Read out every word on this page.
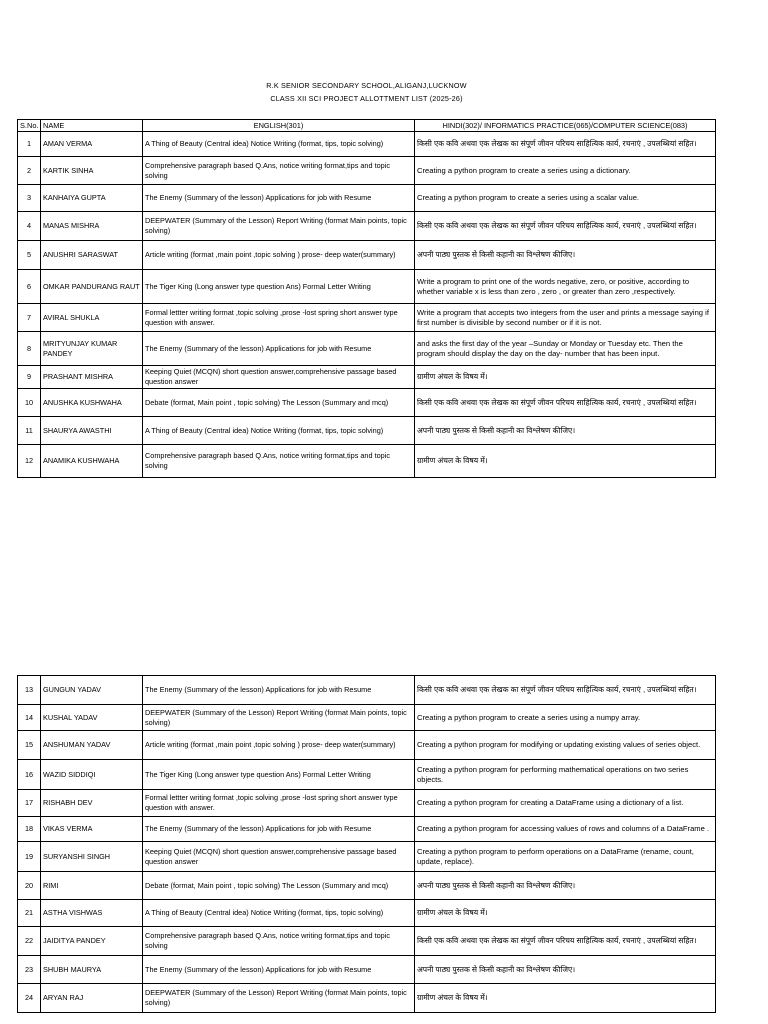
R.K SENIOR SECONDARY SCHOOL,ALIGANJ,LUCKNOW
CLASS XII SCI PROJECT ALLOTTMENT LIST (2025-26)
S.No.	NAME	ENGLISH(301)	HINDI(302)/ INFORMATICS PRACTICE(065)/COMPUTER SCIENCE(083)
1	AMAN VERMA	A Thing of Beauty (Central idea) Notice Writing (format, tips, topic solving)	किसी एक कवि अथवा एक लेखक का संपूर्ण जीवन परिचय साहित्यिक कार्य, रचनाएं , उपलब्धियां सहित।
2	KARTIK SINHA	Comprehensive paragraph based Q.Ans, notice writing format,tips and topic solving	Creating a python program to create a series using a dictionary.
3	KANHAIYA GUPTA	The Enemy (Summary of the lesson) Applications for job with Resume	Creating a python program to create a series using a scalar value.
4	MANAS MISHRA	DEEPWATER (Summary of the Lesson) Report Writing (format Main points, topic solving)	किसी एक कवि अथवा एक लेखक का संपूर्ण जीवन परिचय साहित्यिक कार्य, रचनाएं , उपलब्धियां सहित।
5	ANUSHRI SARASWAT	Article writing (format ,main point ,topic solving ) prose- deep water(summary)	अपनी पाठ्य पुस्तक से किसी कहानी का विश्लेषण कीजिए।
6	OMKAR PANDURANG RAUT	The Tiger King (Long answer type question Ans) Formal Letter Writing	Write a program to print one of the words negative, zero, or positive, according to whether variable x is less than zero , zero , or greater than zero ,respectively.
7	AVIRAL SHUKLA	Formal lettter writing format ,topic solving ,prose -lost spring short answer type question with answer.	Write a program that accepts two integers from the user and prints a message saying if first number is divisible by second number or if it is not.
8	MRITYUNJAY KUMAR PANDEY	The Enemy (Summary of the lesson) Applications for job with Resume	and asks the first day of the year –Sunday or Monday or Tuesday etc. Then the program should display the day on the day- number that has been input.
9	PRASHANT MISHRA	Keeping Quiet (MCQN) short question answer,comprehensive passage based question answer	ग्रामीण अंचल के विषय में।
10	ANUSHKA KUSHWAHA	Debate (format, Main point , topic solving) The Lesson (Summary and mcq)	किसी एक कवि अथवा एक लेखक का संपूर्ण जीवन परिचय साहित्यिक कार्य, रचनाएं , उपलब्धियां सहित।
11	SHAURYA AWASTHI	A Thing of Beauty (Central idea) Notice Writing (format, tips, topic solving)	अपनी पाठ्य पुस्तक से किसी कहानी का विश्लेषण कीजिए।
12	ANAMIKA KUSHWAHA	Comprehensive paragraph based Q.Ans, notice writing format,tips and topic solving	ग्रामीण अंचल के विषय में।
13	GUNGUN YADAV	The Enemy (Summary of the lesson) Applications for job with Resume	किसी एक कवि अथवा एक लेखक का संपूर्ण जीवन परिचय साहित्यिक कार्य, रचनाएं , उपलब्धियां सहित।
14	KUSHAL YADAV	DEEPWATER (Summary of the Lesson) Report Writing (format Main points, topic solving)	Creating a python program to create a series using a numpy array.
15	ANSHUMAN YADAV	Article writing (format ,main point ,topic solving ) prose- deep water(summary)	Creating a python program for modifying or updating existing values of series object.
16	WAZID SIDDIQI	The Tiger King (Long answer type question Ans) Formal Letter Writing	Creating a python program for performing mathematical operations on two series objects.
17	RISHABH DEV	Formal lettter writing format ,topic solving ,prose -lost spring short answer type question with answer.	Creating a python program for creating a DataFrame using a dictionary of a list.
18	VIKAS VERMA	The Enemy (Summary of the lesson) Applications for job with Resume	Creating a python program for accessing values of rows and columns of a DataFrame .
19	SURYANSHI SINGH	Keeping Quiet (MCQN) short question answer,comprehensive passage based question answer	Creating a python program to perform operations on a DataFrame (rename, count, update, replace).
20	RIMI	Debate (format, Main point , topic solving) The Lesson (Summary and mcq)	अपनी पाठ्य पुस्तक से किसी कहानी का विश्लेषण कीजिए।
21	ASTHA VISHWAS	A Thing of Beauty (Central idea) Notice Writing (format, tips, topic solving)	ग्रामीण अंचल के विषय में।
22	JAIDITYA PANDEY	Comprehensive paragraph based Q.Ans, notice writing format,tips and topic solving	किसी एक कवि अथवा एक लेखक का संपूर्ण जीवन परिचय साहित्यिक कार्य, रचनाएं , उपलब्धियां सहित।
23	SHUBH MAURYA	The Enemy (Summary of the lesson) Applications for job with Resume	अपनी पाठ्य पुस्तक से किसी कहानी का विश्लेषण कीजिए।
24	ARYAN RAJ	DEEPWATER (Summary of the Lesson) Report Writing (format Main points, topic solving)	ग्रामीण अंचल के विषय में।
